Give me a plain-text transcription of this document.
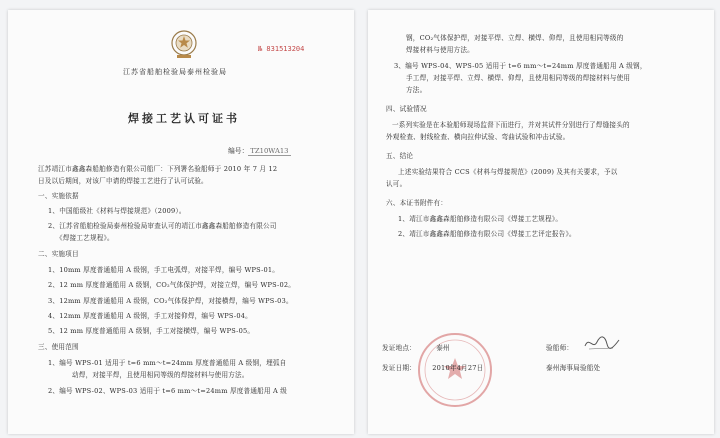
№ 831513204
江苏省船舶检验局泰州检验局
焊接工艺认可证书
编号： TZ10WA13
江苏靖江市鑫鑫森船舶修造有限公司船厂：下列署名验船师于 2010 年 7 月 12
日及以后期间，对该厂申请的焊接工艺进行了认可试验。
一、实施依据
1、中国船级社《材料与焊接规范》（2009）。
2、江苏省船舶检验局泰州检验局审查认可的靖江市鑫鑫森船舶修造有限公司
《焊接工艺规程》。
二、实施项目
1、10mm 厚度普通船用 A 级钢，手工电弧焊，对接平焊，编号 WPS-01。
2、12 mm 厚度普通船用 A 级钢，CO₂气体保护焊，对接立焊，编号 WPS-02。
3、12mm 厚度普通船用 A 级钢，CO₂气体保护焊，对接横焊，编号 WPS-03。
4、12mm 厚度普通船用 A 级钢，手工对接仰焊，编号 WPS-04。
5、12 mm 厚度普通船用 A 级钢，手工对接横焊，编号 WPS-05。
三、使用范围
1、编号 WPS-01 适用于 t=6 mm～t=24mm 厚度普通船用 A 级钢，埋弧自
动焊，对接平焊，且使用相同等级的焊接材料与使用方法。
2、编号 WPS-02、WPS-03 适用于 t=6 mm～t=24mm 厚度普通船用 A 级
钢，CO₂气体保护焊，对接平焊、立焊、横焊、仰焊，且使用相同等级的
焊接材料与使用方法。
3、编号 WPS-04、WPS-05 适用于 t=6 mm～t=24mm 厚度普通船用 A 级钢，
手工焊，对接平焊、立焊、横焊、仰焊，且使用相同等级的焊接材料与使用
方法。
四、试验情况
一系列实验是在本验船师现场监督下而进行，并对其试件分别进行了焊缝接头的
外观检查、射线检查、横向拉伸试验、弯曲试验和冲击试验。
五、结论
上述实验结果符合 CCS《材料与焊接规范》(2009) 及其有关要求，予以
认可。
六、本证书附件有：
1、靖江市鑫鑫森船舶修造有限公司《焊接工艺规程》。
2、靖江市鑫鑫森船舶修造有限公司《焊接工艺评定报告》。
发证地点：	泰州
发证日期： 2010年4月27日
验船师：
泰州海事局验船处
